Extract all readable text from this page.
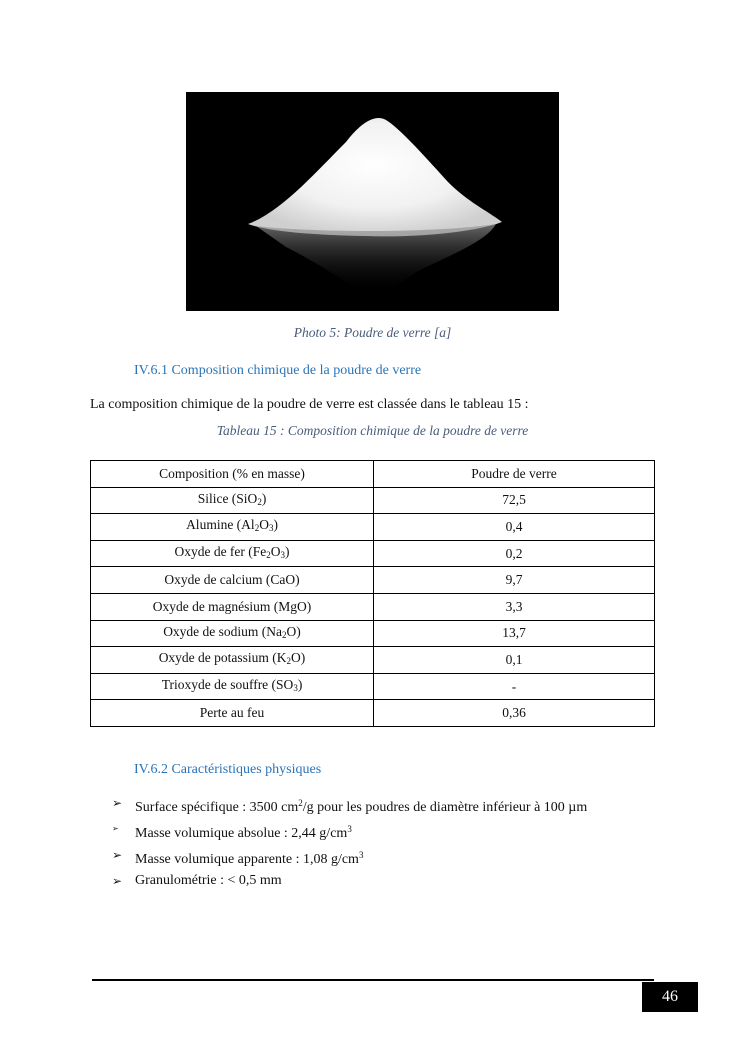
Photo 5: Poudre de verre [a]
IV.6.1 Composition chimique de la poudre de verre
La composition chimique de la poudre de verre est classée dans le tableau 15 :
Tableau 15 : Composition chimique de la poudre de verre
Composition (% en masse)	Poudre de verre
Silice (SiO$_2$)	72,5
Alumine $(Al_2O_3)$	0,4
Oxyde de fer $(Fe_2O_3)$	0,2
Oxyde de calcium (CaO)	9,7
Oxyde de magnésium (MgO)	3,3
Oxyde de sodium $(Na_2O)$	13,7
Oxyde de potassium $(K_2O)$	0,1
Trioxyde de souffre $(SO_3)$	-
Perte au feu	0,36
IV.6.2 Caractéristiques physiques
➢ Surface spécifique : 3500 $cm^2/g$ pour les poudres de diamètre inférieur à 100 µm
➢	Masse volumique absolue : 2,44 $g/cm^3$
➢ Masse volumique apparente : 1,08 $g/cm^3$
➢ Granulométrie : < 0,5 mm
46
